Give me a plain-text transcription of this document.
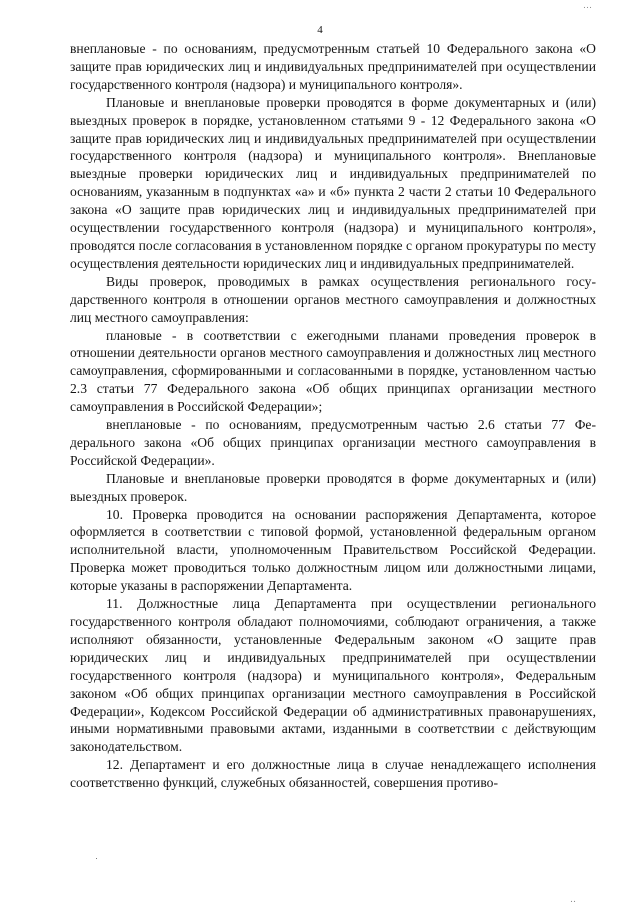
4
…

внеплановые - по основаниям, предусмотренным статьей 10 Федерального закона «О защите прав юридических лиц и индивидуальных предпринимателей при осуществлении государственного контроля (надзора) и муниципального контроля».

Плановые и внеплановые проверки проводятся в форме документарных и (или) выездных проверок в порядке, установленном статьями 9 - 12 Федерального закона «О защите прав юридических лиц и индивидуальных предпринимателей при осуществлении государственного контроля (надзора) и муниципального контроля». Внеплановые выездные проверки юридических лиц и индивидуальных предпринимателей по основаниям, указанным в подпунктах «а» и «б» пункта 2 части 2 статьи 10 Федерального закона «О защите прав юридических лиц и индивидуальных предпринимателей при осуществлении государственного контроля (надзора) и муниципального контроля», проводятся после согласования в установленном порядке с органом прокуратуры по месту осуществления деятельности юридических лиц и индивидуальных предпринимателей.

Виды проверок, проводимых в рамках осуществления регионального государственного контроля в отношении органов местного самоуправления и должностных лиц местного самоуправления:

плановые - в соответствии с ежегодными планами проведения проверок в отношении деятельности органов местного самоуправления и должностных лиц местного самоуправления, сформированными и согласованными в порядке, установленном частью 2.3 статьи 77 Федерального закона «Об общих принципах организации местного самоуправления в Российской Федерации»;

внеплановые - по основаниям, предусмотренным частью 2.6 статьи 77 Федерального закона «Об общих принципах организации местного самоуправления в Российской Федерации».

Плановые и внеплановые проверки проводятся в форме документарных и (или) выездных проверок.

10. Проверка проводится на основании распоряжения Департамента, которое оформляется в соответствии с типовой формой, установленной федеральным органом исполнительной власти, уполномоченным Правительством Российской Федерации. Проверка может проводиться только должностным лицом или должностными лицами, которые указаны в распоряжении Департамента.

11. Должностные лица Департамента при осуществлении регионального государственного контроля обладают полномочиями, соблюдают ограничения, а также исполняют обязанности, установленные Федеральным законом «О защите прав юридических лиц и индивидуальных предпринимателей при осуществлении государственного контроля (надзора) и муниципального контроля», Федеральным законом «Об общих принципах организации местного самоуправления в Российской Федерации», Кодексом Российской Федерации об административных правонарушениях, иными нормативными правовыми актами, изданными в соответствии с действующим законодательством.

12. Департамент и его должностные лица в случае ненадлежащего исполнения соответственно функций, служебных обязанностей, совершения противо-

‥
